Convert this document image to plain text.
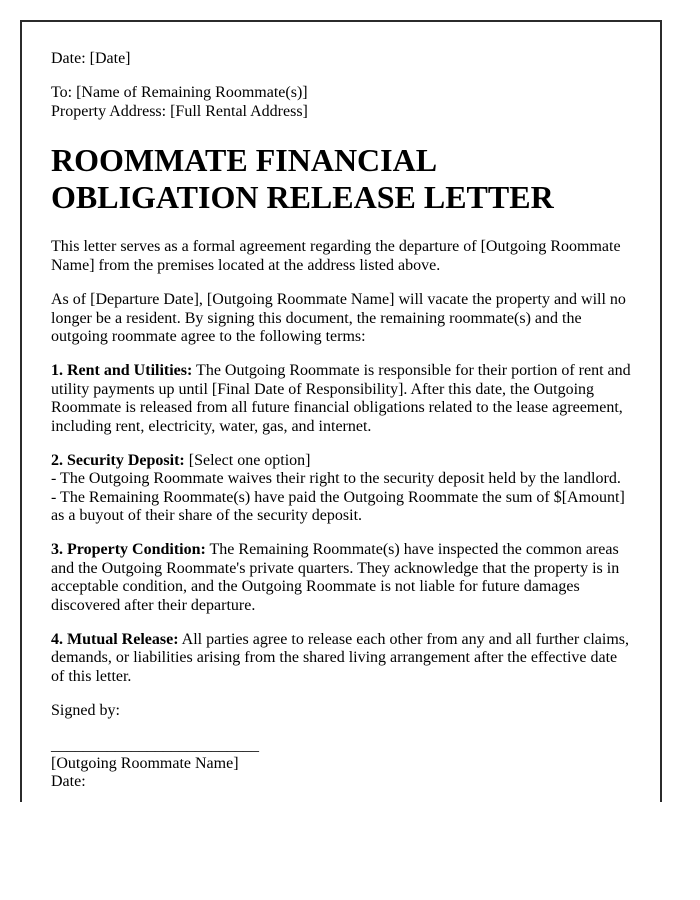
Date: [Date]
To: [Name of Remaining Roommate(s)]
Property Address: [Full Rental Address]
ROOMMATE FINANCIAL OBLIGATION RELEASE LETTER
This letter serves as a formal agreement regarding the departure of [Outgoing Roommate Name] from the premises located at the address listed above.
As of [Departure Date], [Outgoing Roommate Name] will vacate the property and will no longer be a resident. By signing this document, the remaining roommate(s) and the outgoing roommate agree to the following terms:
1. Rent and Utilities: The Outgoing Roommate is responsible for their portion of rent and utility payments up until [Final Date of Responsibility]. After this date, the Outgoing Roommate is released from all future financial obligations related to the lease agreement, including rent, electricity, water, gas, and internet.
2. Security Deposit: [Select one option]
- The Outgoing Roommate waives their right to the security deposit held by the landlord.
- The Remaining Roommate(s) have paid the Outgoing Roommate the sum of $[Amount] as a buyout of their share of the security deposit.
3. Property Condition: The Remaining Roommate(s) have inspected the common areas and the Outgoing Roommate's private quarters. They acknowledge that the property is in acceptable condition, and the Outgoing Roommate is not liable for future damages discovered after their departure.
4. Mutual Release: All parties agree to release each other from any and all further claims, demands, or liabilities arising from the shared living arrangement after the effective date of this letter.
Signed by:
__________________________
[Outgoing Roommate Name]
Date:
